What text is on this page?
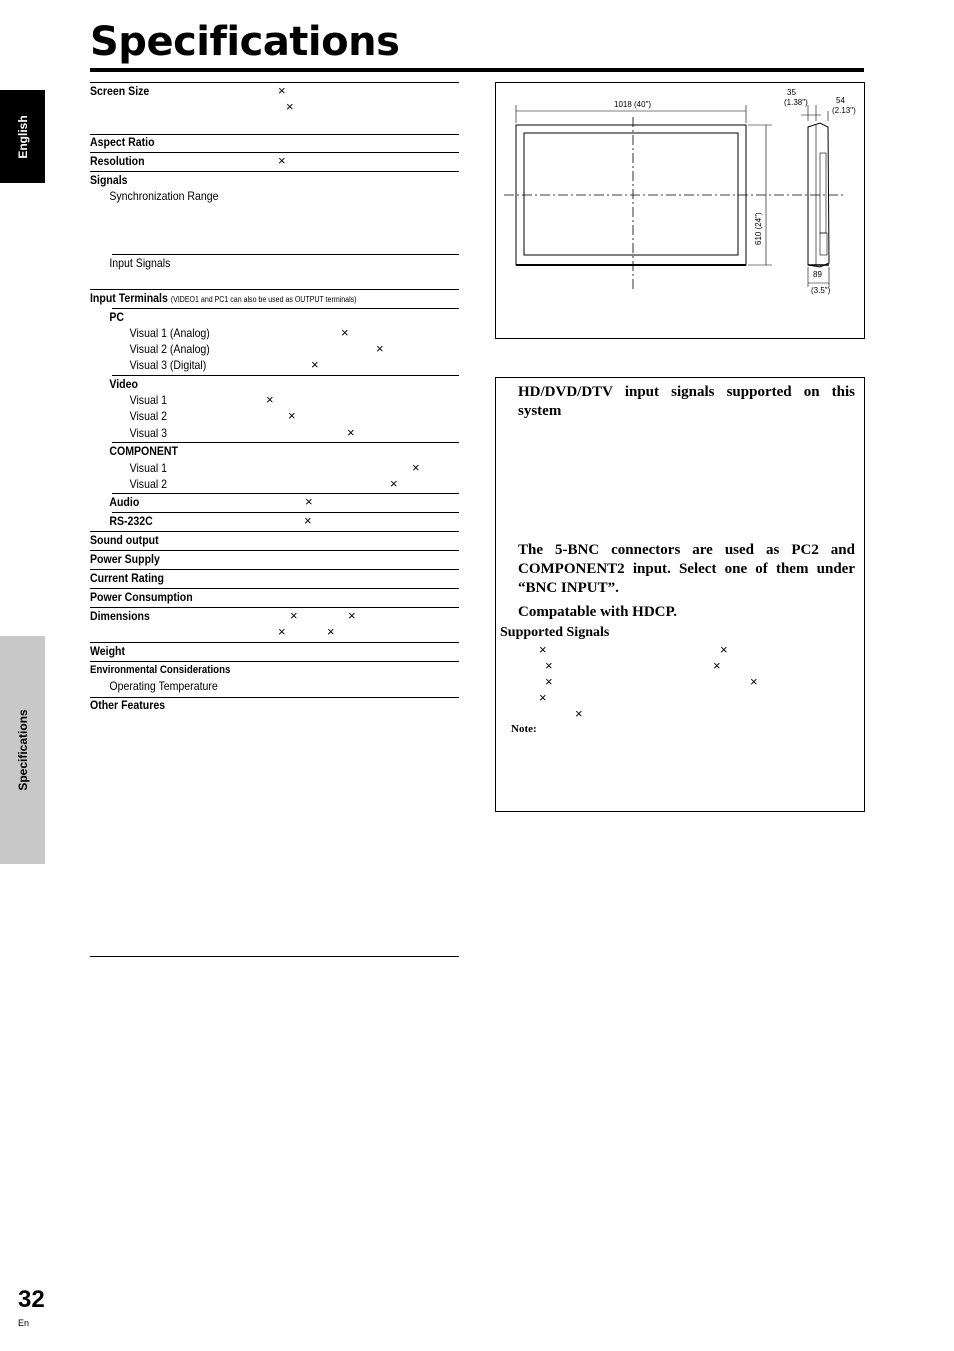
Specifications
English
Specifications
Screen Size	×
×
Aspect Ratio
Resolution	×
Signals
Synchronization Range
Input Signals
Input Terminals (VIDEO1 and PC1 can also be used as OUTPUT terminals)
PC
Visual 1 (Analog)	×
Visual 2 (Analog)	×
Visual 3 (Digital)	×
Video
Visual 1	×
Visual 2	×
Visual 3	×
COMPONENT
Visual 1	×
Visual 2	×
Audio	×
RS-232C	×
Sound output
Power Supply
Current Rating
Power Consumption
Dimensions	×	×
×	×
Weight
Environmental Considerations
Operating Temperature
Other Features
1018 (40")
610 (24")
35
(1.38")	54
(2.13")
89
(3.5")
HD/DVD/DTV input signals supported on this system
The 5-BNC connectors are used as PC2 and COMPONENT2 input. Select one of them under “BNC INPUT”.
Compatable with HDCP.
Supported Signals
×	×
×	×
×	×
×
×
Note:
32
En
